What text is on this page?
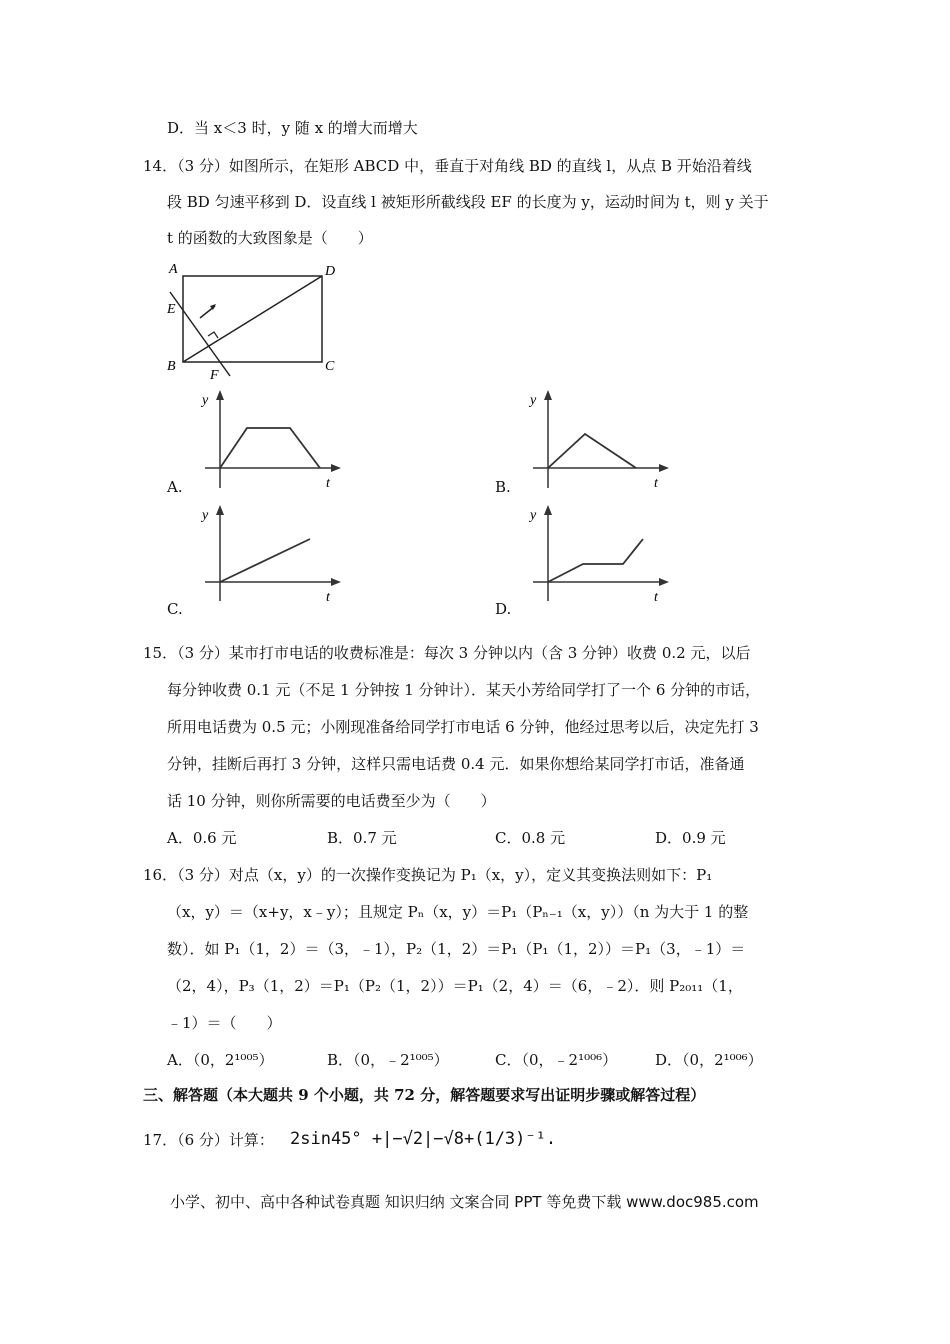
D．当 x＜3 时，y 随 x 的增大而增大
14．（3 分）如图所示，在矩形 ABCD 中，垂直于对角线 BD 的直线 l，从点 B 开始沿着线
段 BD 匀速平移到 D．设直线 l 被矩形所截线段 EF 的长度为 y，运动时间为 t，则 y 关于
t 的函数的大致图象是（　　）
A	D
E
B	C
F
y
t
A.
y
t
B.
y
t
C.
y
t
D.
15．（3 分）某市打市电话的收费标准是：每次 3 分钟以内（含 3 分钟）收费 0.2 元，以后
每分钟收费 0.1 元（不足 1 分钟按 1 分钟计）．某天小芳给同学打了一个 6 分钟的市话，
所用电话费为 0.5 元；小刚现准备给同学打市电话 6 分钟，他经过思考以后，决定先打 3
分钟，挂断后再打 3 分钟，这样只需电话费 0.4 元．如果你想给某同学打市话，准备通
话 10 分钟，则你所需要的电话费至少为（　　）
A．0.6 元	B．0.7 元	C．0.8 元	D．0.9 元
16．（3 分）对点（x，y）的一次操作变换记为 P₁（x，y），定义其变换法则如下：P₁
（x，y）＝（x+y，x﹣y）；且规定 Pₙ（x，y）＝P₁（Pₙ₋₁（x，y））（n 为大于 1 的整
数）．如 P₁（1，2）＝（3，﹣1），P₂（1，2）＝P₁（P₁（1，2））＝P₁（3，﹣1）＝
（2，4），P₃（1，2）＝P₁（P₂（1，2））＝P₁（2，4）＝（6，﹣2）．则 P₂₀₁₁（1，
﹣1）＝（　　）
A．（0，2¹⁰⁰⁵）	B．（0，﹣2¹⁰⁰⁵）	C．（0，﹣2¹⁰⁰⁶）	D．（0，2¹⁰⁰⁶）
三、解答题（本大题共 9 个小题，共 72 分，解答题要求写出证明步骤或解答过程）
17．（6 分）计算： 2sin45° +|−√2|−√8+(1/3)⁻¹.
小学、初中、高中各种试卷真题 知识归纳 文案合同 PPT 等免费下载 www.doc985.com
